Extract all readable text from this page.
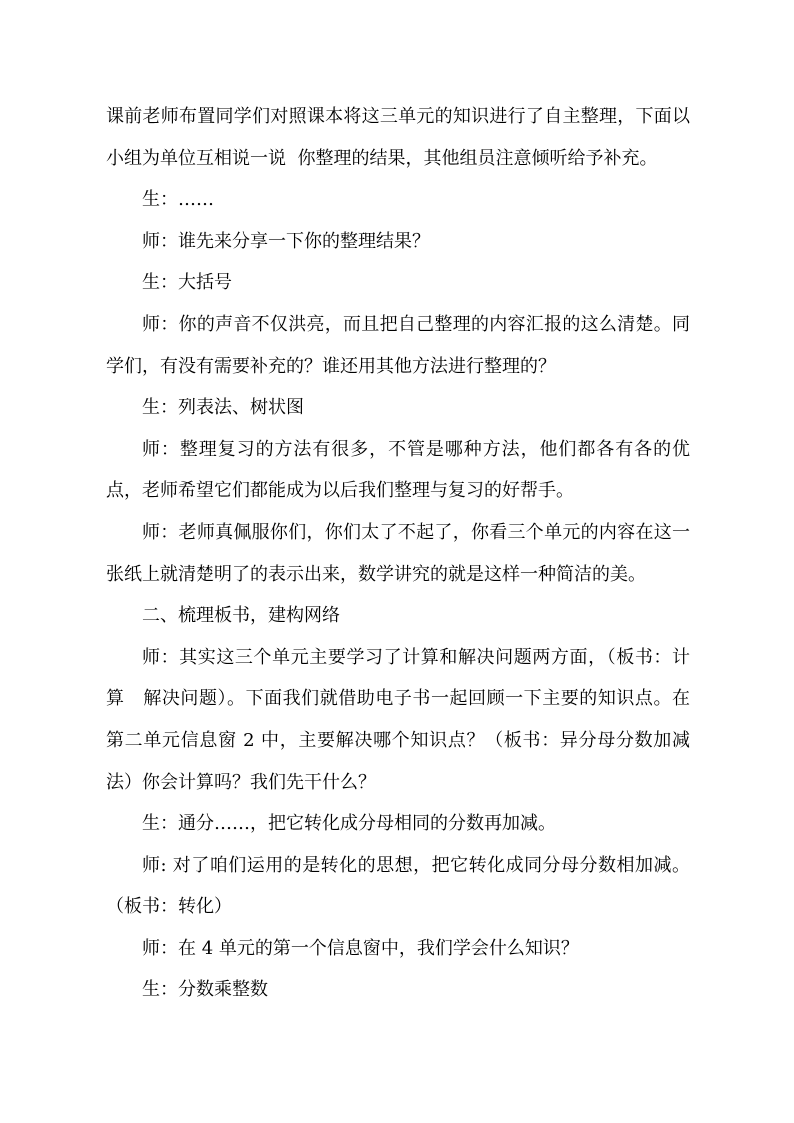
课前老师布置同学们对照课本将这三单元的知识进行了自主整理，下面以小组为单位互相说一说  你整理的结果，其他组员注意倾听给予补充。

生：……

师：谁先来分享一下你的整理结果？

生：大括号

师：你的声音不仅洪亮，而且把自己整理的内容汇报的这么清楚。同学们，有没有需要补充的？谁还用其他方法进行整理的？

生：列表法、树状图

师：整理复习的方法有很多，不管是哪种方法，他们都各有各的优点，老师希望它们都能成为以后我们整理与复习的好帮手。

师：老师真佩服你们，你们太了不起了，你看三个单元的内容在这一张纸上就清楚明了的表示出来，数学讲究的就是这样一种简洁的美。

二、梳理板书，建构网络

师：其实这三个单元主要学习了计算和解决问题两方面，（板书：计算   解决问题）。下面我们就借助电子书一起回顾一下主要的知识点。在第二单元信息窗 2 中，主要解决哪个知识点？（板书：异分母分数加减法）你会计算吗？我们先干什么？

生：通分……，把它转化成分母相同的分数再加减。

师: 对了咱们运用的是转化的思想，把它转化成同分母分数相加减。（板书：转化）

师：在 4 单元的第一个信息窗中，我们学会什么知识？

生：分数乘整数
